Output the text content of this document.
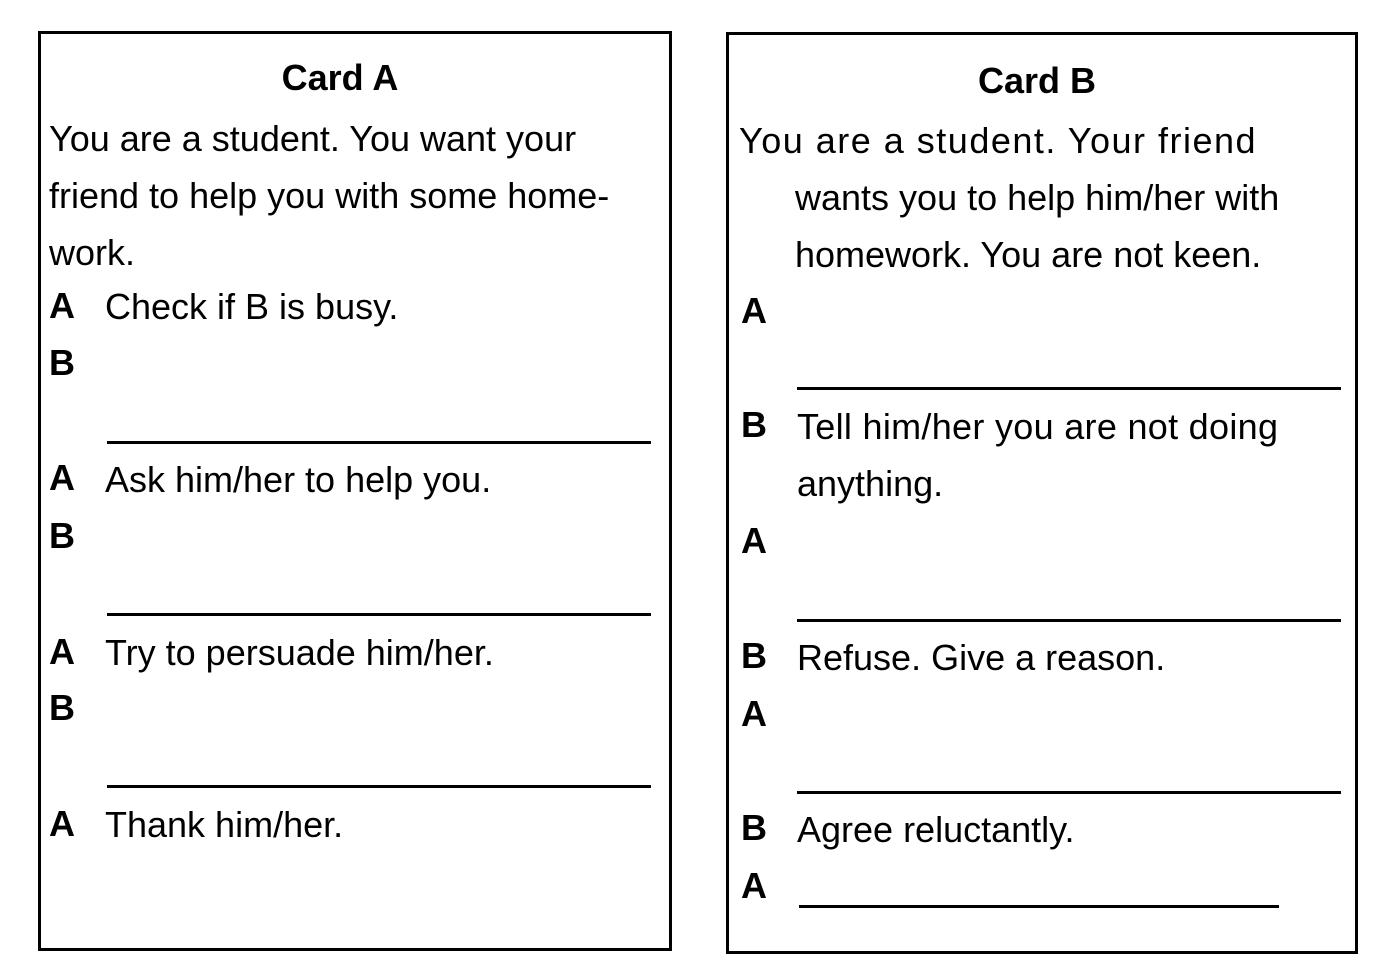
Card A
You are a student. You want your
friend to help you with some home-
work.
A Check if B is busy.
B
A Ask him/her to help you.
B
A Try to persuade him/her.
B
A Thank him/her.
Card B
You are a student. Your friend
wants you to help him/her with
homework. You are not keen.
A
B Tell him/her you are not doing
anything.
A
B Refuse. Give a reason.
A
B Agree reluctantly.
A
